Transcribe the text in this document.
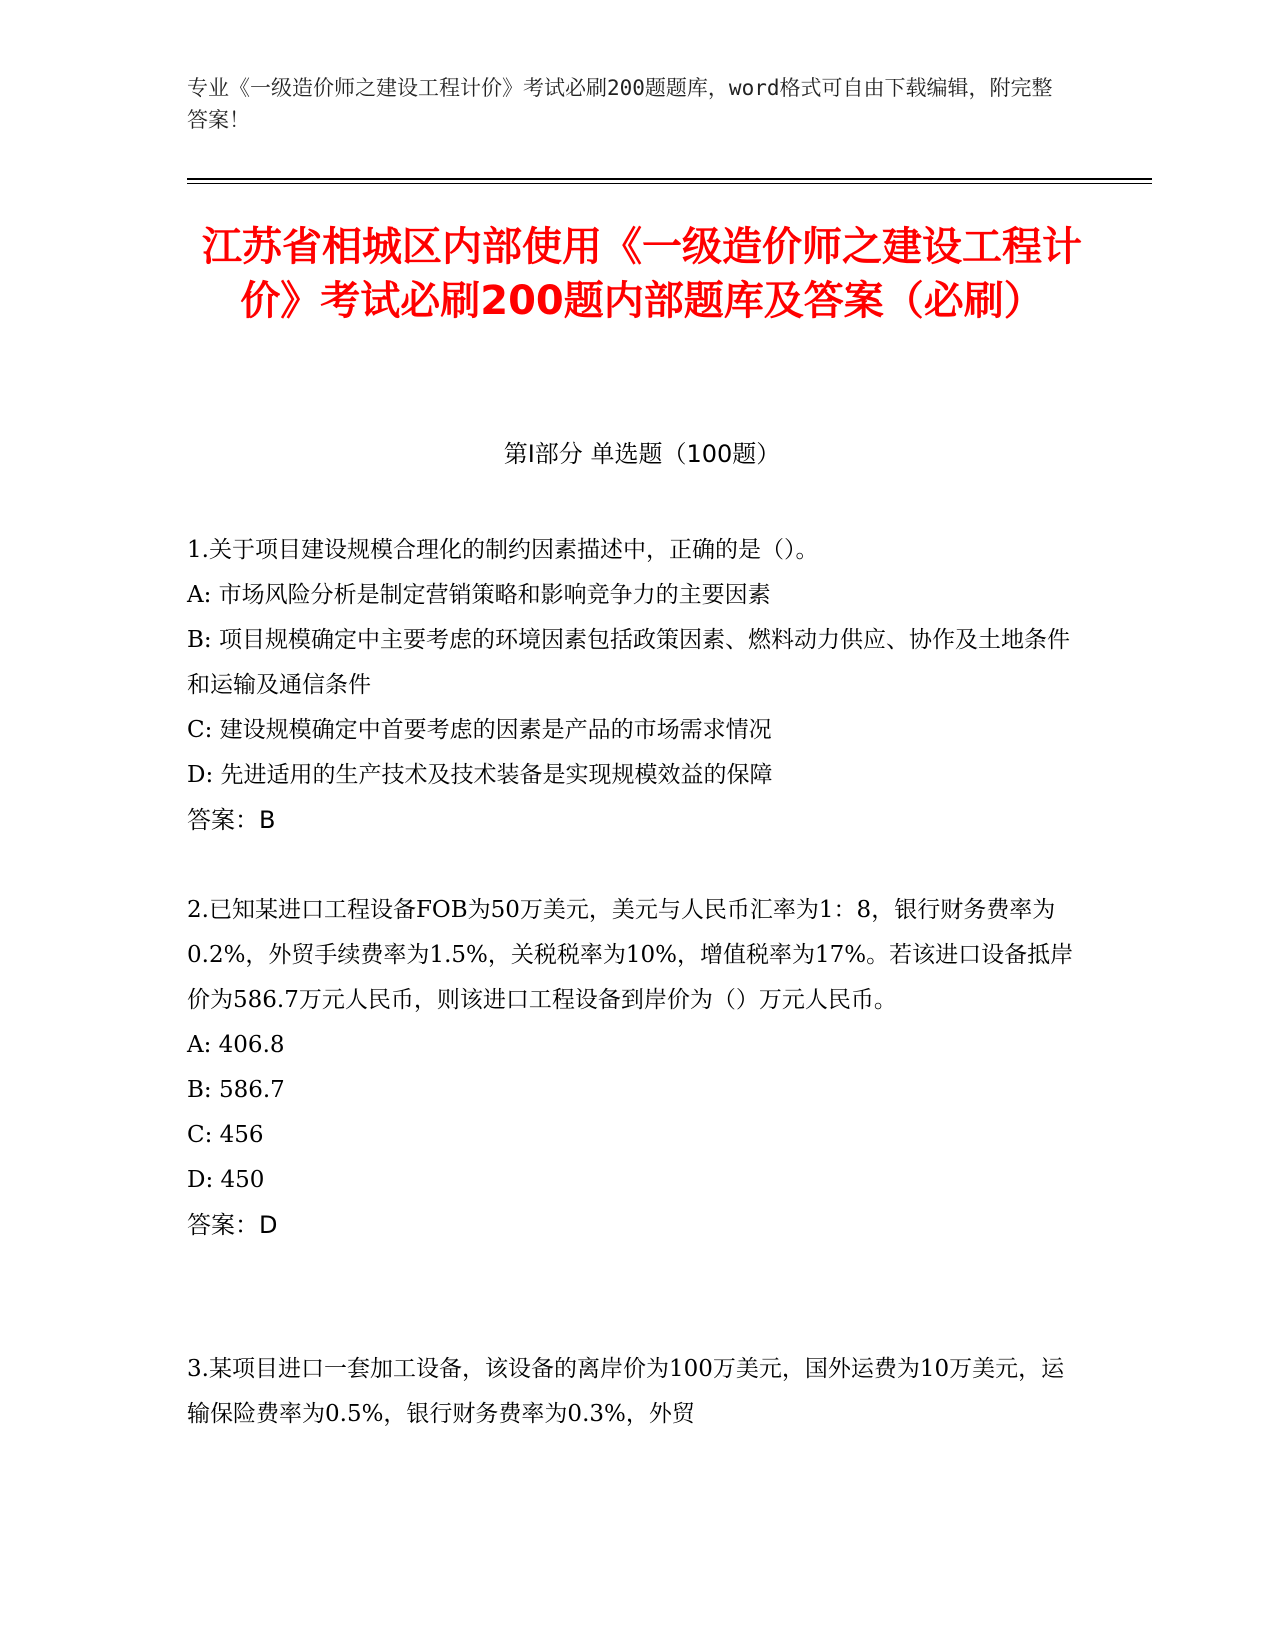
专业《一级造价师之建设工程计价》考试必刷200题题库，word格式可自由下载编辑，附完整答案！
江苏省相城区内部使用《一级造价师之建设工程计价》考试必刷200题内部题库及答案（必刷）
第I部分 单选题（100题）
1.关于项目建设规模合理化的制约因素描述中，正确的是（）。
A: 市场风险分析是制定营销策略和影响竞争力的主要因素
B: 项目规模确定中主要考虑的环境因素包括政策因素、燃料动力供应、协作及土地条件和运输及通信条件
C: 建设规模确定中首要考虑的因素是产品的市场需求情况
D: 先进适用的生产技术及技术装备是实现规模效益的保障
答案：B
2.已知某进口工程设备FOB为50万美元，美元与人民币汇率为1：8，银行财务费率为0.2%，外贸手续费率为1.5%，关税税率为10%，增值税率为17%。若该进口设备抵岸价为586.7万元人民币，则该进口工程设备到岸价为（）万元人民币。
A: 406.8
B: 586.7
C: 456
D: 450
答案：D
3.某项目进口一套加工设备，该设备的离岸价为100万美元，国外运费为10万美元，运输保险费率为0.5%，银行财务费率为0.3%，外贸
